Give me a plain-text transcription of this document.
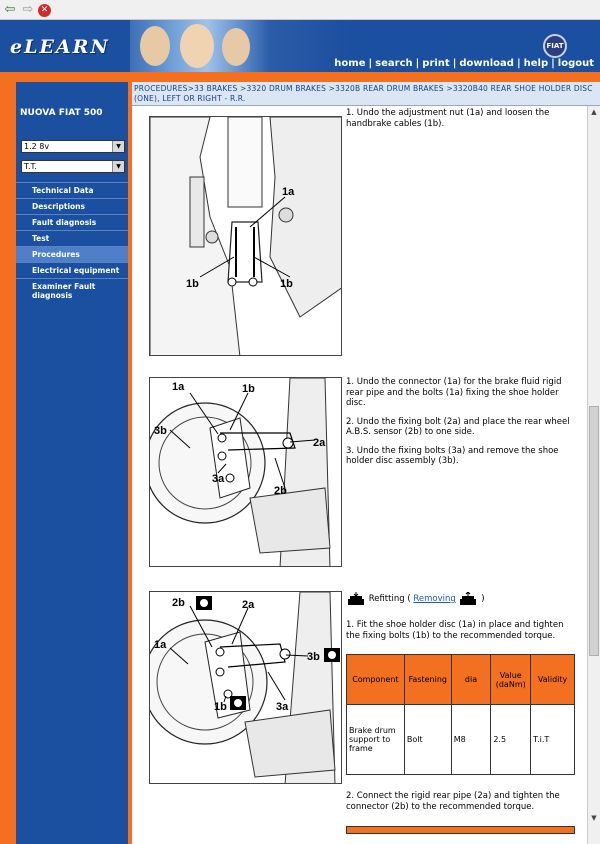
⇦ ⇨ ✕
eLEARN	FIAT
home | search | print | download | help | logout
NUOVA FIAT 500
1.2 8v	▼
T.T.	▼
Technical Data
Descriptions
Fault diagnosis
Test
Procedures
Electrical equipment
Examiner Fault diagnosis
PROCEDURES>33 BRAKES >3320 DRUM BRAKES >3320B REAR DRUM BRAKES >3320B40 REAR SHOE HOLDER DISC (ONE), LEFT OR RIGHT - R.R.
1a
1b	1b

1. Undo the adjustment nut (1a) and loosen the handbrake cables (1b).

1a	1b
3b
2a
3a
2b

1. Undo the connector (1a) for the brake fluid rigid rear pipe and the bolts (1a) fixing the shoe holder disc.

2. Undo the fixing bolt (2a) and place the rear wheel A.B.S. sensor (2b) to one side.

3. Undo the fixing bolts (3a) and remove the shoe holder disc assembly (3b).

2b	2a
1a
3b
1b	3a
Refitting ( Removing	)

1. Fit the shoe holder disc (1a) in place and tighten the fixing bolts (1b) to the recommended torque.

Component	Fastening	dia	Value (daNm)	Validity
Brake drum support to frame	Bolt	M8	2.5	T.i.T

2. Connect the rigid rear pipe (2a) and tighten the connector (2b) to the recommended torque.

▲
▼
